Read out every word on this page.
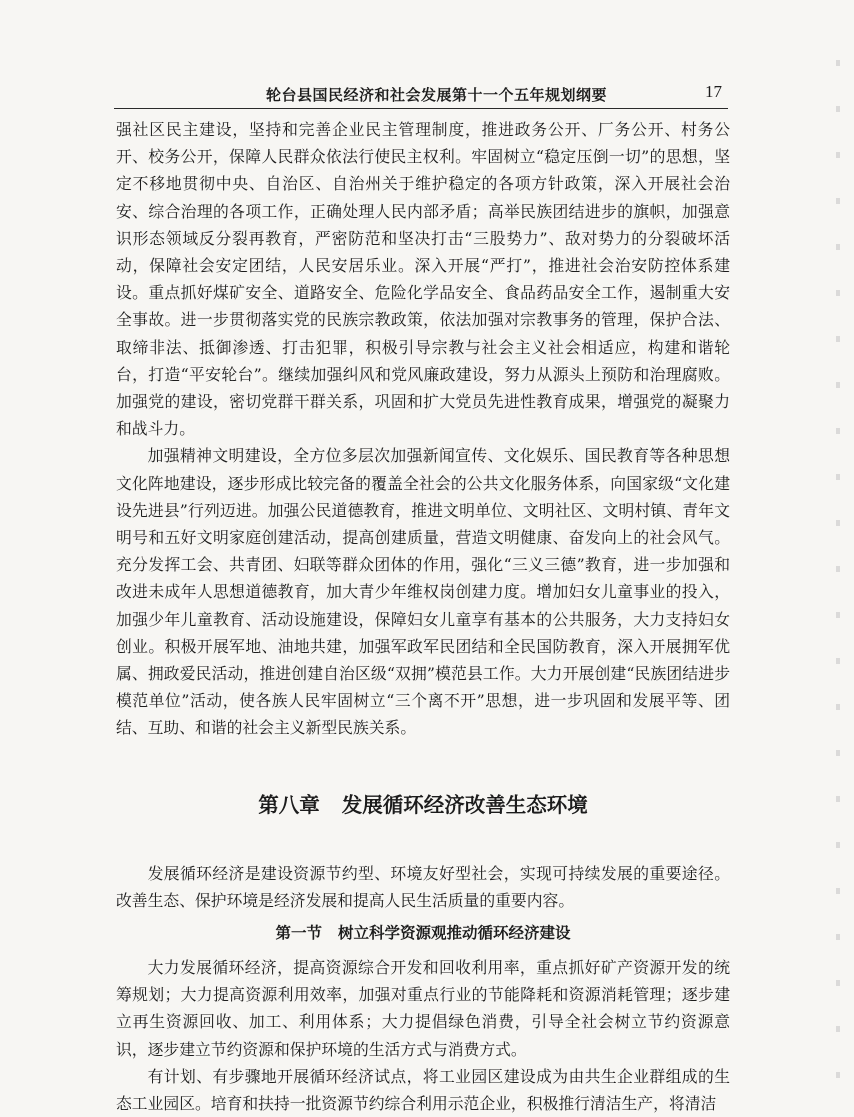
轮台县国民经济和社会发展第十一个五年规划纲要	17

强社区民主建设，坚持和完善企业民主管理制度，推进政务公开、厂务公开、村务公开、校务公开，保障人民群众依法行使民主权利。牢固树立“稳定压倒一切”的思想，坚定不移地贯彻中央、自治区、自治州关于维护稳定的各项方针政策，深入开展社会治安、综合治理的各项工作，正确处理人民内部矛盾；高举民族团结进步的旗帜，加强意识形态领域反分裂再教育，严密防范和坚决打击“三股势力”、敌对势力的分裂破坏活动，保障社会安定团结，人民安居乐业。深入开展“严打”，推进社会治安防控体系建设。重点抓好煤矿安全、道路安全、危险化学品安全、食品药品安全工作，遏制重大安全事故。进一步贯彻落实党的民族宗教政策，依法加强对宗教事务的管理，保护合法、取缔非法、抵御渗透、打击犯罪，积极引导宗教与社会主义社会相适应，构建和谐轮台，打造“平安轮台”。继续加强纠风和党风廉政建设，努力从源头上预防和治理腐败。加强党的建设，密切党群干群关系，巩固和扩大党员先进性教育成果，增强党的凝聚力和战斗力。

加强精神文明建设，全方位多层次加强新闻宣传、文化娱乐、国民教育等各种思想文化阵地建设，逐步形成比较完备的覆盖全社会的公共文化服务体系，向国家级“文化建设先进县”行列迈进。加强公民道德教育，推进文明单位、文明社区、文明村镇、青年文明号和五好文明家庭创建活动，提高创建质量，营造文明健康、奋发向上的社会风气。充分发挥工会、共青团、妇联等群众团体的作用，强化“三义三德”教育，进一步加强和改进未成年人思想道德教育，加大青少年维权岗创建力度。增加妇女儿童事业的投入，加强少年儿童教育、活动设施建设，保障妇女儿童享有基本的公共服务，大力支持妇女创业。积极开展军地、油地共建，加强军政军民团结和全民国防教育，深入开展拥军优属、拥政爱民活动，推进创建自治区级“双拥”模范县工作。大力开展创建“民族团结进步模范单位”活动，使各族人民牢固树立“三个离不开”思想，进一步巩固和发展平等、团结、互助、和谐的社会主义新型民族关系。

第八章 发展循环经济改善生态环境

发展循环经济是建设资源节约型、环境友好型社会，实现可持续发展的重要途径。改善生态、保护环境是经济发展和提高人民生活质量的重要内容。

第一节 树立科学资源观推动循环经济建设

大力发展循环经济，提高资源综合开发和回收利用率，重点抓好矿产资源开发的统筹规划；大力提高资源利用效率，加强对重点行业的节能降耗和资源消耗管理；逐步建立再生资源回收、加工、利用体系；大力提倡绿色消费，引导全社会树立节约资源意识，逐步建立节约资源和保护环境的生活方式与消费方式。

有计划、有步骤地开展循环经济试点，将工业园区建设成为由共生企业群组成的生态工业园区。培育和扶持一批资源节约综合利用示范企业，积极推行清洁生产，将清洁
